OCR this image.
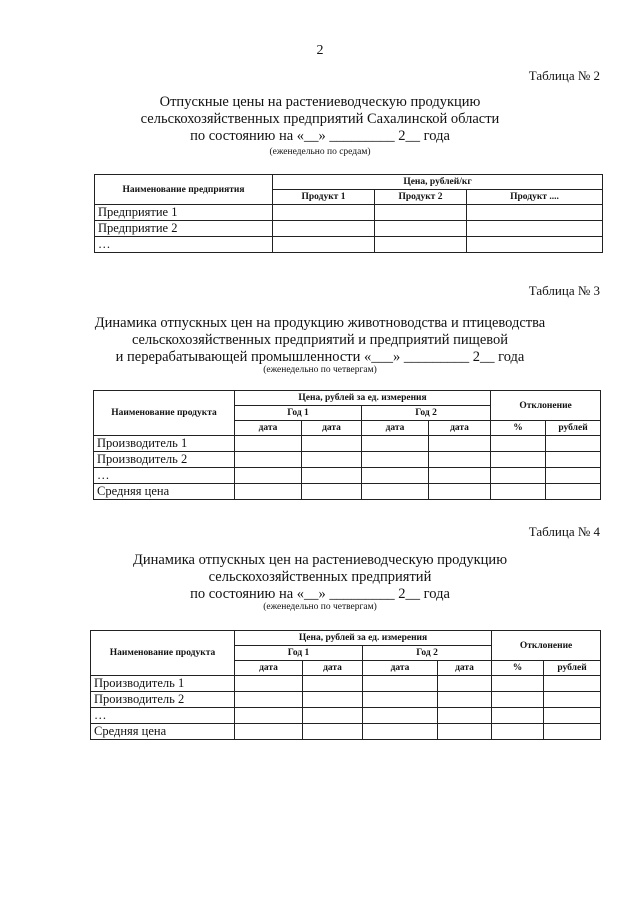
2
Таблица № 2
Отпускные цены на растениеводческую продукцию
сельскохозяйственных предприятий Сахалинской области
по состоянию на «__» _________ 2__ года
(еженедельно по средам)
Наименование предприятия	Цена, рублей/кг		
	Продукт 1	Продукт 2	Продукт ....
Предприятие 1			
Предприятие 2			
…			
Таблица № 3
Динамика отпускных цен на продукцию животноводства и птицеводства
сельскохозяйственных предприятий и предприятий пищевой
и перерабатывающей промышленности «___» _________ 2__ года
(еженедельно по четвергам)
Наименование продукта	Цена, рублей за ед. измерения				Отклонение	
	Год 1		Год 2			
	дата	дата	дата	дата	%	рублей
Производитель 1						
Производитель 2						
…						
Средняя цена						
Таблица № 4
Динамика отпускных цен на растениеводческую продукцию
сельскохозяйственных предприятий
по состоянию на «__» _________ 2__ года
(еженедельно по четвергам)
Наименование продукта	Цена, рублей за ед. измерения				Отклонение	
	Год 1		Год 2			
	дата	дата	дата	дата	%	рублей
Производитель 1						
Производитель 2						
…						
Средняя цена						
